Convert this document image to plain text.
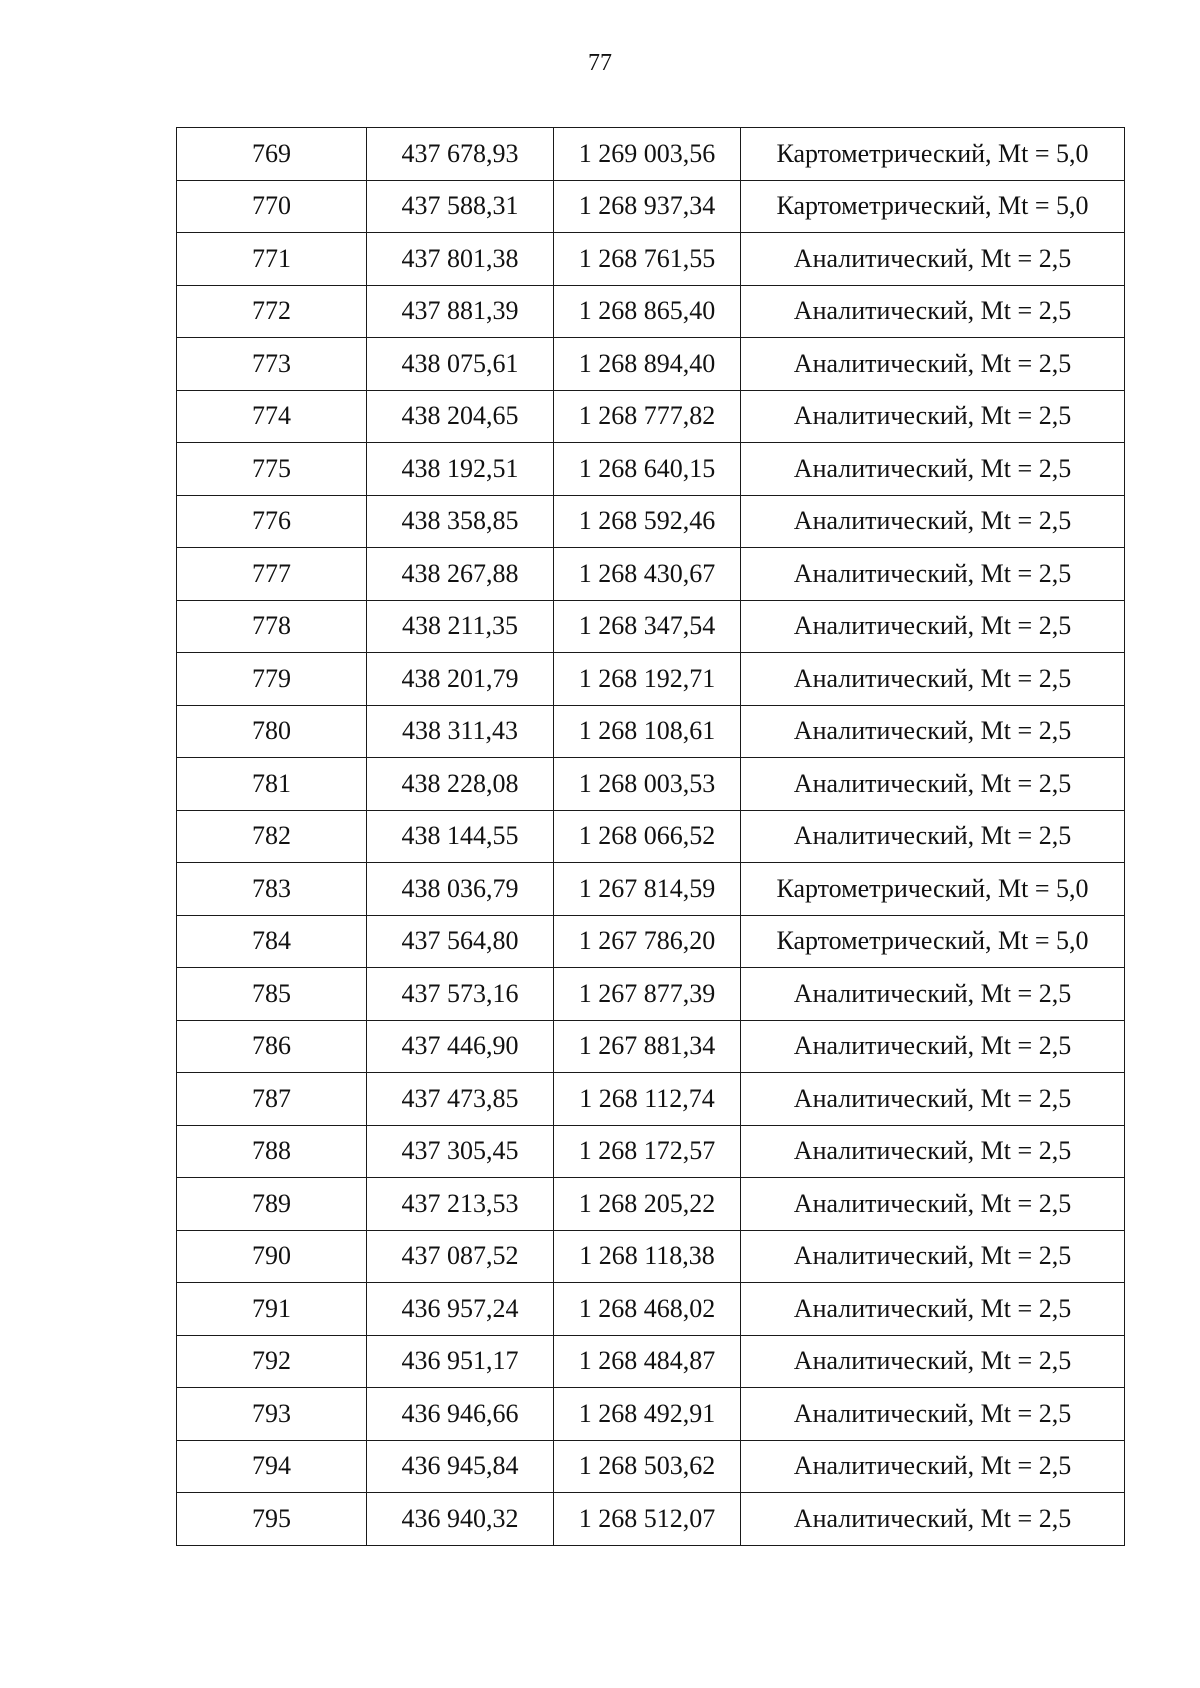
77
769	437 678,93	1 269 003,56	Картометрический, Mt = 5,0
770	437 588,31	1 268 937,34	Картометрический, Mt = 5,0
771	437 801,38	1 268 761,55	Аналитический, Mt = 2,5
772	437 881,39	1 268 865,40	Аналитический, Mt = 2,5
773	438 075,61	1 268 894,40	Аналитический, Mt = 2,5
774	438 204,65	1 268 777,82	Аналитический, Mt = 2,5
775	438 192,51	1 268 640,15	Аналитический, Mt = 2,5
776	438 358,85	1 268 592,46	Аналитический, Mt = 2,5
777	438 267,88	1 268 430,67	Аналитический, Mt = 2,5
778	438 211,35	1 268 347,54	Аналитический, Mt = 2,5
779	438 201,79	1 268 192,71	Аналитический, Mt = 2,5
780	438 311,43	1 268 108,61	Аналитический, Mt = 2,5
781	438 228,08	1 268 003,53	Аналитический, Mt = 2,5
782	438 144,55	1 268 066,52	Аналитический, Mt = 2,5
783	438 036,79	1 267 814,59	Картометрический, Mt = 5,0
784	437 564,80	1 267 786,20	Картометрический, Mt = 5,0
785	437 573,16	1 267 877,39	Аналитический, Mt = 2,5
786	437 446,90	1 267 881,34	Аналитический, Mt = 2,5
787	437 473,85	1 268 112,74	Аналитический, Mt = 2,5
788	437 305,45	1 268 172,57	Аналитический, Mt = 2,5
789	437 213,53	1 268 205,22	Аналитический, Mt = 2,5
790	437 087,52	1 268 118,38	Аналитический, Mt = 2,5
791	436 957,24	1 268 468,02	Аналитический, Mt = 2,5
792	436 951,17	1 268 484,87	Аналитический, Mt = 2,5
793	436 946,66	1 268 492,91	Аналитический, Mt = 2,5
794	436 945,84	1 268 503,62	Аналитический, Mt = 2,5
795	436 940,32	1 268 512,07	Аналитический, Mt = 2,5
